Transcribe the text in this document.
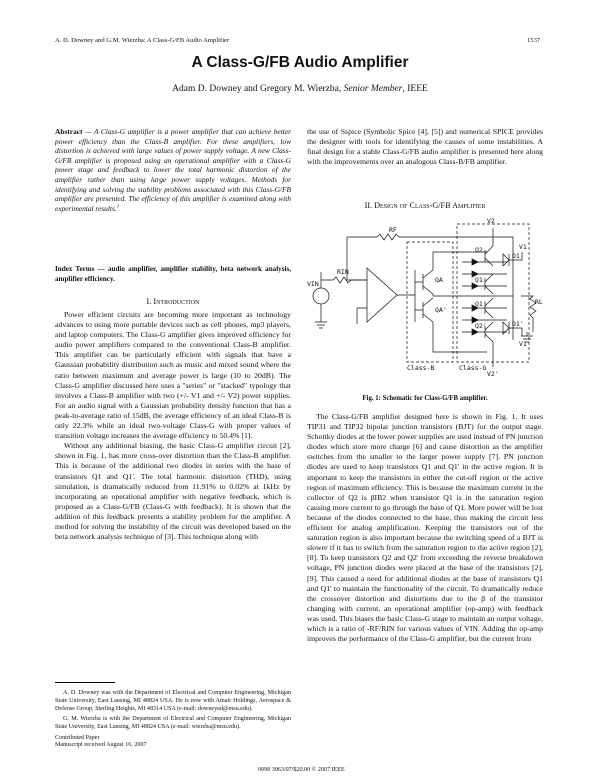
A. D. Downey and G.M. Wierzba: A Class-G/FB Audio Amplifier	1537
A Class-G/FB Audio Amplifier
Adam D. Downey and Gregory M. Wierzba, Senior Member, IEEE
Abstract — A Class-G amplifier is a power amplifier that can achieve better power efficiency than the Class-B amplifier. For these amplifiers, low distortion is achieved with large values of power supply voltage. A new Class-G/FB amplifier is proposed using an operational amplifier with a Class-G power stage and feedback to lower the total harmonic distortion of the amplifier rather than using large power supply voltages. Methods for identifying and solving the stability problems associated with this Class-G/FB amplifier are presented. The efficiency of this amplifier is examined along with experimental results.$^1$
Index Terms — audio amplifier, amplifier stability, beta network analysis, amplifier efficiency.
I. Introduction

Power efficient circuits are becoming more important as technology advances to using more portable devices such as cell phones, mp3 players, and laptop computers. The Class-G amplifier gives improved efficiency for audio power amplifiers compared to the conventional Class-B amplifier. This amplifier can be particularly efficient with signals that have a Gaussian probability distribution such as music and mixed sound where the ratio between maximum and average power is large (10 to 20dB). The Class-G amplifier discussed here uses a "series" or "stacked" typology that involves a Class-B amplifier with two (+/- V1 and +/- V2) power supplies. For an audio signal with a Gaussian probability density function that has a peak-to-average ratio of 15dB, the average efficiency of an ideal Class-B is only 22.3% while an ideal two-voltage Class-G with proper values of transition voltage increases the average efficiency to 50.4% [1].

Without any additional biasing, the basic Class-G amplifier circuit [2], shown in Fig. 1, has more cross-over distortion than the Class-B amplifier. This is because of the additional two diodes in series with the base of transistors Q1 and Q1'. The total harmonic distortion (THD), using simulation, is dramatically reduced from 11.91% to 0.02% at 1kHz by incorporating an operational amplifier with negative feedback, which is proposed as a Class-G/FB (Class-G with feedback). It is shown that the addition of this feedback presents a stability problem for the amplifier. A method for solving the instability of the circuit was developed based on the beta network analysis technique of [3]. This technique along with

A. D. Downey was with the Department of Electrical and Computer Engineering, Michigan State University, East Lansing, MI 48824 USA. He is now with Amair Holdings, Aerospace & Defense Group, Sterling Heights, MI 48314 USA (e-mail: downeyad@msu.edu).
G. M. Wierzba is with the Department of Electrical and Computer Engineering, Michigan State University, East Lansing, MI 48824 USA (e-mail: wierzba@msu.edu).
Contributed Paper
Manuscript received August 16, 2007
0098 3063/07/$20.00 © 2007 IEEE

the use of Sspice (Symbolic Spice [4], [5]) and numerical SPICE provides the designer with tools for identifying the causes of some instabilities. A final design for a stable Class-G/FB audio amplifier is presented here along with the improvements over an analogous Class-B/FB amplifier.

II. Design of Class-G/FB Amplifier
RF
RIN
VIN
V2
V1
Q2
D1
QA
QA'
Q1
Q1'
D1'
Q2'
RL
V1'
V2'
Class-B	Class-G
Fig. 1: Schematic for Class-G/FB amplifier.

The Class-G/FB amplifier designed here is shown in Fig. 1. It uses TIP31 and TIP32 bipolar junction transistors (BJT) for the output stage. Schottky diodes at the lower power supplies are used instead of PN junction diodes which store more charge [6] and cause distortion as the amplifier switches from the smaller to the larger power supply [7]. PN junction diodes are used to keep transistors Q1 and Q1' in the active region. It is important to keep the transistors in either the cut-off region or the active region of maximum efficiency. This is because the maximum current in the collector of Q2 is βIB2 when transistor Q1 is in the saturation region causing more current to go through the base of Q1. More power will be lost because of the diodes connected to the base, thus making the circuit less efficient for analog amplification. Keeping the transistors out of the saturation region is also important because the switching speed of a BJT is slower if it has to switch from the saturation region to the active region [2], [8]. To keep transistors Q2 and Q2' from exceeding the reverse breakdown voltage, PN junction diodes were placed at the base of the transistors [2], [9]. This caused a need for additional diodes at the base of transistors Q1 and Q1' to maintain the functionality of the circuit. To dramatically reduce the crossover distortion and distortions due to the β of the transistor changing with current, an operational amplifier (op-amp) with feedback was used. This biases the basic Class-G stage to maintain an output voltage, which is a ratio of -RF/RIN for various values of VIN. Adding the op-amp improves the performance of the Class-G amplifier, but the current from
